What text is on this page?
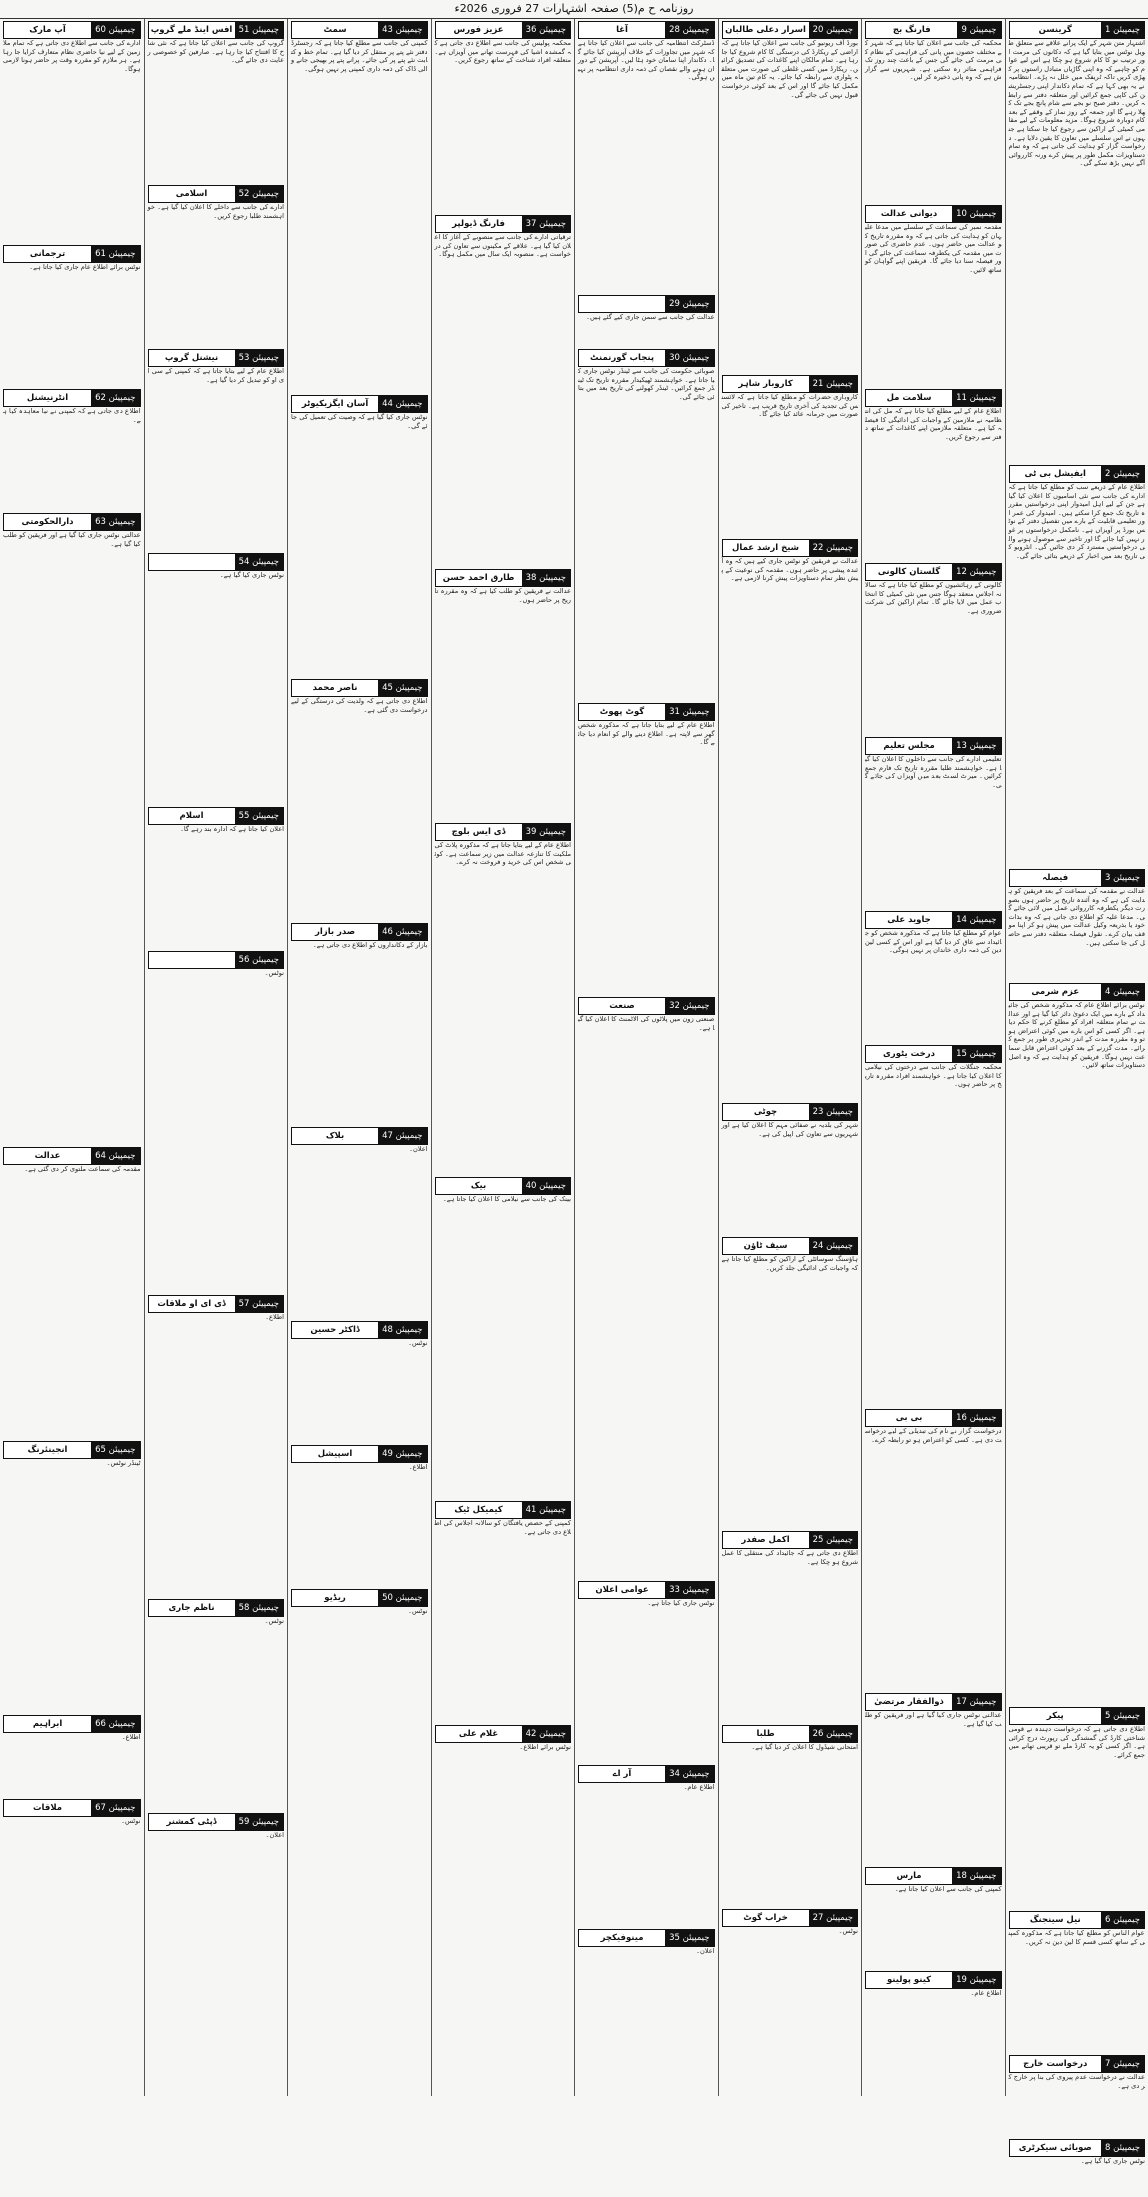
روزنامہ ح م(5) صفحہ اشتہارات 27 فروری 2026ء
چیمپیئن 1
گرینسن
اشتہار متن شہر کے ایک پرانے علاقے سے متعلق طویل نوٹس میں بتایا گیا ہے کہ دکانوں کی مرمت اور ترتیب نو کا کام شروع ہو چکا ہے اس لیے عوام کو چاہیے کہ وہ اپنی گاڑیاں متبادل راستوں پر کھڑی کریں تاکہ ٹریفک میں خلل نہ پڑے۔ انتظامیہ نے یہ بھی کہا ہے کہ تمام دکاندار اپنی رجسٹریشن کی کاپی جمع کرائیں اور متعلقہ دفتر سے رابطہ کریں۔ دفتر صبح نو بجے سے شام پانچ بجے تک کھلا رہے گا اور جمعہ کے روز نماز کے وقفے کے بعد کام دوبارہ شروع ہوگا۔ مزید معلومات کے لیے مقامی کمیٹی کے اراکین سے رجوع کیا جا سکتا ہے جنہوں نے اس سلسلے میں تعاون کا یقین دلایا ہے۔ درخواست گزار کو ہدایت کی جاتی ہے کہ وہ تمام دستاویزات مکمل طور پر پیش کرے ورنہ کارروائی آگے نہیں بڑھ سکے گی۔
چیمپیئن 2
ایفیشل بی ٹی
اطلاع عام کے ذریعے سب کو مطلع کیا جاتا ہے کہ ادارے کی جانب سے نئی اسامیوں کا اعلان کیا گیا ہے جن کے لیے اہل امیدوار اپنی درخواستیں مقررہ تاریخ تک جمع کرا سکتے ہیں۔ امیدوار کی عمر اور تعلیمی قابلیت کے بارے میں تفصیل دفتر کے نوٹس بورڈ پر آویزاں ہے۔ نامکمل درخواستوں پر غور نہیں کیا جائے گا اور تاخیر سے موصول ہونے والی درخواستیں مسترد کر دی جائیں گی۔ انٹرویو کی تاریخ بعد میں اخبار کے ذریعے بتائی جائے گی۔
چیمپیئن 3
فیصلہ
عدالت نے مقدمہ کی سماعت کے بعد فریقین کو ہدایت کی ہے کہ وہ آئندہ تاریخ پر حاضر ہوں بصورت دیگر یکطرفہ کارروائی عمل میں لائی جائے گی۔ مدعا علیہ کو اطلاع دی جاتی ہے کہ وہ بذات خود یا بذریعہ وکیل عدالت میں پیش ہو کر اپنا موقف بیان کرے۔ نقول فیصلہ متعلقہ دفتر سے حاصل کی جا سکتی ہیں۔
چیمپیئن 4
عزم شرمی
نوٹس برائے اطلاع عام کہ مذکورہ شخص کی جائیداد کے بارے میں ایک دعویٰ دائر کیا گیا ہے اور عدالت نے تمام متعلقہ افراد کو مطلع کرنے کا حکم دیا ہے۔ اگر کسی کو اس بارے میں کوئی اعتراض ہو تو وہ مقررہ مدت کے اندر تحریری طور پر جمع کرائے۔ مدت گزرنے کے بعد کوئی اعتراض قابل سماعت نہیں ہوگا۔ فریقین کو ہدایت ہے کہ وہ اصل دستاویزات ساتھ لائیں۔
چیمپیئن 5
پیکر
اطلاع دی جاتی ہے کہ درخواست دہندہ نے قومی شناختی کارڈ کی گمشدگی کی رپورٹ درج کرائی ہے۔ اگر کسی کو یہ کارڈ ملے تو قریبی تھانے میں جمع کرائے۔
چیمپیئن 6
نیل سینجنگ
عوام الناس کو مطلع کیا جاتا ہے کہ مذکورہ کمپنی کے ساتھ کسی قسم کا لین دین نہ کریں۔
چیمپیئن 7
درخواست خارج
عدالت نے درخواست عدم پیروی کی بنا پر خارج کر دی ہے۔
چیمپیئن 8
صوبائی سیکرٹری
نوٹس جاری کیا گیا ہے۔
چیمپیئن 9
فارنگ بج
محکمہ کی جانب سے اعلان کیا جاتا ہے کہ شہر کے مختلف حصوں میں پانی کی فراہمی کے نظام کی مرمت کی جائے گی جس کے باعث چند روز تک فراہمی متاثر رہ سکتی ہے۔ شہریوں سے گزارش ہے کہ وہ پانی ذخیرہ کر لیں۔
چیمپیئن 10
دیوانی عدالت
مقدمہ نمبر کی سماعت کے سلسلے میں مدعا علیہان کو ہدایت کی جاتی ہے کہ وہ مقررہ تاریخ کو عدالت میں حاضر ہوں۔ عدم حاضری کی صورت میں مقدمہ کی یکطرفہ سماعت کی جائے گی اور فیصلہ سنا دیا جائے گا۔ فریقین اپنے گواہان کو ساتھ لائیں۔
چیمپیئن 11
سلامت مل
اطلاع عام کے لیے مطلع کیا جاتا ہے کہ مل کی انتظامیہ نے ملازمین کے واجبات کی ادائیگی کا فیصلہ کیا ہے۔ متعلقہ ملازمین اپنے کاغذات کے ساتھ دفتر سے رجوع کریں۔
چیمپیئن 12
گلستان کالونی
کالونی کے رہائشیوں کو مطلع کیا جاتا ہے کہ سالانہ اجلاس منعقد ہوگا جس میں نئی کمیٹی کا انتخاب عمل میں لایا جائے گا۔ تمام اراکین کی شرکت ضروری ہے۔
چیمپیئن 13
مجلس تعلیم
تعلیمی ادارے کی جانب سے داخلوں کا اعلان کیا گیا ہے۔ خواہشمند طلبا مقررہ تاریخ تک فارم جمع کرائیں۔ میرٹ لسٹ بعد میں آویزاں کی جائے گی۔
چیمپیئن 14
جاوید علی
عوام کو مطلع کیا جاتا ہے کہ مذکورہ شخص کو جائیداد سے عاق کر دیا گیا ہے اور اس کے کسی لین دین کی ذمہ داری خاندان پر نہیں ہوگی۔
چیمپیئن 15
درخت یٹوری
محکمہ جنگلات کی جانب سے درختوں کی نیلامی کا اعلان کیا جاتا ہے۔ خواہشمند افراد مقررہ تاریخ پر حاضر ہوں۔
چیمپیئن 16
بی بی
درخواست گزار نے نام کی تبدیلی کے لیے درخواست دی ہے۔ کسی کو اعتراض ہو تو رابطہ کرے۔
چیمپیئن 17
ذوالفقار مرتضیٰ
عدالتی نوٹس جاری کیا گیا ہے اور فریقین کو طلب کیا گیا ہے۔
چیمپیئن 18
مارس
کمپنی کی جانب سے اعلان کیا جاتا ہے۔
چیمپیئن 19
کینو پولینو
اطلاع عام۔
چیمپیئن 20
اسرار دعلی طالبان
بورڈ آف ریونیو کی جانب سے اعلان کیا جاتا ہے کہ اراضی کے ریکارڈ کی درستگی کا کام شروع کیا جا رہا ہے۔ تمام مالکان اپنے کاغذات کی تصدیق کرائیں۔ ریکارڈ میں کسی غلطی کی صورت میں متعلقہ پٹواری سے رابطہ کیا جائے۔ یہ کام تین ماہ میں مکمل کیا جائے گا اور اس کے بعد کوئی درخواست قبول نہیں کی جائے گی۔
چیمپیئن 21
کاروبار شاہر
کاروباری حضرات کو مطلع کیا جاتا ہے کہ لائسنس کی تجدید کی آخری تاریخ قریب ہے۔ تاخیر کی صورت میں جرمانہ عائد کیا جائے گا۔
چیمپیئن 22
شیخ ارشد عمال
عدالت نے فریقین کو نوٹس جاری کیے ہیں کہ وہ آئندہ پیشی پر حاضر ہوں۔ مقدمہ کی نوعیت کے پیش نظر تمام دستاویزات پیش کرنا لازمی ہے۔
چیمپیئن 23
چوٹی
شہر کی بلدیہ نے صفائی مہم کا اعلان کیا ہے اور شہریوں سے تعاون کی اپیل کی ہے۔
چیمپیئن 24
سیف ٹاؤن
ہاؤسنگ سوسائٹی کے اراکین کو مطلع کیا جاتا ہے کہ واجبات کی ادائیگی جلد کریں۔
چیمپیئن 25
اکمل صفدر
اطلاع دی جاتی ہے کہ جائیداد کی منتقلی کا عمل شروع ہو چکا ہے۔
چیمپیئن 26
طلبا
امتحانی شیڈول کا اعلان کر دیا گیا ہے۔
چیمپیئن 27
خراب گوٹ
نوٹس۔
چیمپیئن 28
آغا
ڈسٹرکٹ انتظامیہ کی جانب سے اعلان کیا جاتا ہے کہ شہر میں تجاوزات کے خلاف آپریشن کیا جائے گا۔ دکاندار اپنا سامان خود ہٹا لیں۔ آپریشن کے دوران ہونے والے نقصان کی ذمہ داری انتظامیہ پر نہیں ہوگی۔
چیمپیئن 29
عدالت کی جانب سے سمن جاری کیے گئے ہیں۔
چیمپیئن 30
پنجاب گورنمنٹ
صوبائی حکومت کی جانب سے ٹینڈر نوٹس جاری کیا جاتا ہے۔ خواہشمند ٹھیکیدار مقررہ تاریخ تک ٹینڈر جمع کرائیں۔ ٹینڈر کھولنے کی تاریخ بعد میں بتائی جائے گی۔
چیمپیئن 31
گوٹ پھوٹ
اطلاع عام کے لیے بتایا جاتا ہے کہ مذکورہ شخص گھر سے لاپتہ ہے۔ اطلاع دینے والے کو انعام دیا جائے گا۔
چیمپیئن 32
صنعت
صنعتی زون میں پلاٹوں کی الاٹمنٹ کا اعلان کیا گیا ہے۔
چیمپیئن 33
عوامی اعلان
نوٹس جاری کیا جاتا ہے۔
چیمپیئن 34
آر اے
اطلاع عام۔
چیمپیئن 35
مینوفیکچر
اعلان۔
چیمپیئن 36
عزیز فورس
محکمہ پولیس کی جانب سے اطلاع دی جاتی ہے کہ گمشدہ اشیا کی فہرست تھانے میں آویزاں ہے۔ متعلقہ افراد شناخت کے ساتھ رجوع کریں۔
چیمپیئن 37
فارنگ ڈیولپر
ترقیاتی ادارے کی جانب سے منصوبے کے آغاز کا اعلان کیا گیا ہے۔ علاقے کے مکینوں سے تعاون کی درخواست ہے۔ منصوبہ ایک سال میں مکمل ہوگا۔
چیمپیئن 38
طارق احمد حسن
عدالت نے فریقین کو طلب کیا ہے کہ وہ مقررہ تاریخ پر حاضر ہوں۔
چیمپیئن 39
ڈی ایس بلوچ
اطلاع عام کے لیے بتایا جاتا ہے کہ مذکورہ پلاٹ کی ملکیت کا تنازعہ عدالت میں زیر سماعت ہے۔ کوئی شخص اس کی خرید و فروخت نہ کرے۔
چیمپیئن 40
بیک
بینک کی جانب سے نیلامی کا اعلان کیا جاتا ہے۔
چیمپیئن 41
کیمیکل ٹیک
کمپنی کے حصص یافتگان کو سالانہ اجلاس کی اطلاع دی جاتی ہے۔
چیمپیئن 42
غلام علی
نوٹس برائے اطلاع۔
چیمپیئن 43
سمٹ
کمپنی کی جانب سے مطلع کیا جاتا ہے کہ رجسٹرڈ دفتر نئے پتے پر منتقل کر دیا گیا ہے۔ تمام خط و کتابت نئے پتے پر کی جائے۔ پرانے پتے پر بھیجی جانے والی ڈاک کی ذمہ داری کمپنی پر نہیں ہوگی۔
چیمپیئن 44
آسان ایگزیکیوٹر
نوٹس جاری کیا گیا ہے کہ وصیت کی تعمیل کی جائے گی۔
چیمپیئن 45
ناصر محمد
اطلاع دی جاتی ہے کہ ولدیت کی درستگی کے لیے درخواست دی گئی ہے۔
چیمپیئن 46
صدر بازار
بازار کے دکانداروں کو اطلاع دی جاتی ہے۔
چیمپیئن 47
بلاک
اعلان۔
چیمپیئن 48
ڈاکٹر حسین
نوٹس۔
چیمپیئن 49
اسپیشل
اطلاع۔
چیمپیئن 50
ریڈیو
نوٹس۔
چیمپیئن 51
افس اینڈ ملے گروپ
گروپ کی جانب سے اعلان کیا جاتا ہے کہ نئی شاخ کا افتتاح کیا جا رہا ہے۔ صارفین کو خصوصی رعایت دی جائے گی۔
چیمپیئن 52
اسلامی
ادارے کی جانب سے داخلے کا اعلان کیا گیا ہے۔ خواہشمند طلبا رجوع کریں۔
چیمپیئن 53
نیشنل گروپ
اطلاع عام کے لیے بتایا جاتا ہے کہ کمپنی کے سی ای او کو تبدیل کر دیا گیا ہے۔
چیمپیئن 54
نوٹس جاری کیا گیا ہے۔
چیمپیئن 55
اسلام
اعلان کیا جاتا ہے کہ ادارہ بند رہے گا۔
چیمپیئن 56
نوٹس۔
چیمپیئن 57
ڈی ای او ملاقات
اطلاع۔
چیمپیئن 58
ناظم جاری
نوٹس۔
چیمپیئن 59
ڈپٹی کمشنر
اعلان۔
چیمپیئن 60
آپ مارک
ادارے کی جانب سے اطلاع دی جاتی ہے کہ تمام ملازمین کے لیے نیا حاضری نظام متعارف کرایا جا رہا ہے۔ ہر ملازم کو مقررہ وقت پر حاضر ہونا لازمی ہوگا۔
چیمپیئن 61
ترجمانی
نوٹس برائے اطلاع عام جاری کیا جاتا ہے۔
چیمپیئن 62
انٹرنیشنل
اطلاع دی جاتی ہے کہ کمپنی نے نیا معاہدہ کیا ہے۔
چیمپیئن 63
دارالحکومتی
عدالتی نوٹس جاری کیا گیا ہے اور فریقین کو طلب کیا گیا ہے۔
چیمپیئن 64
عدالت
مقدمہ کی سماعت ملتوی کر دی گئی ہے۔
چیمپیئن 65
انجینئرنگ
ٹینڈر نوٹس۔
چیمپیئن 66
ابراہیم
اطلاع۔
چیمپیئن 67
ملاقات
نوٹس۔
